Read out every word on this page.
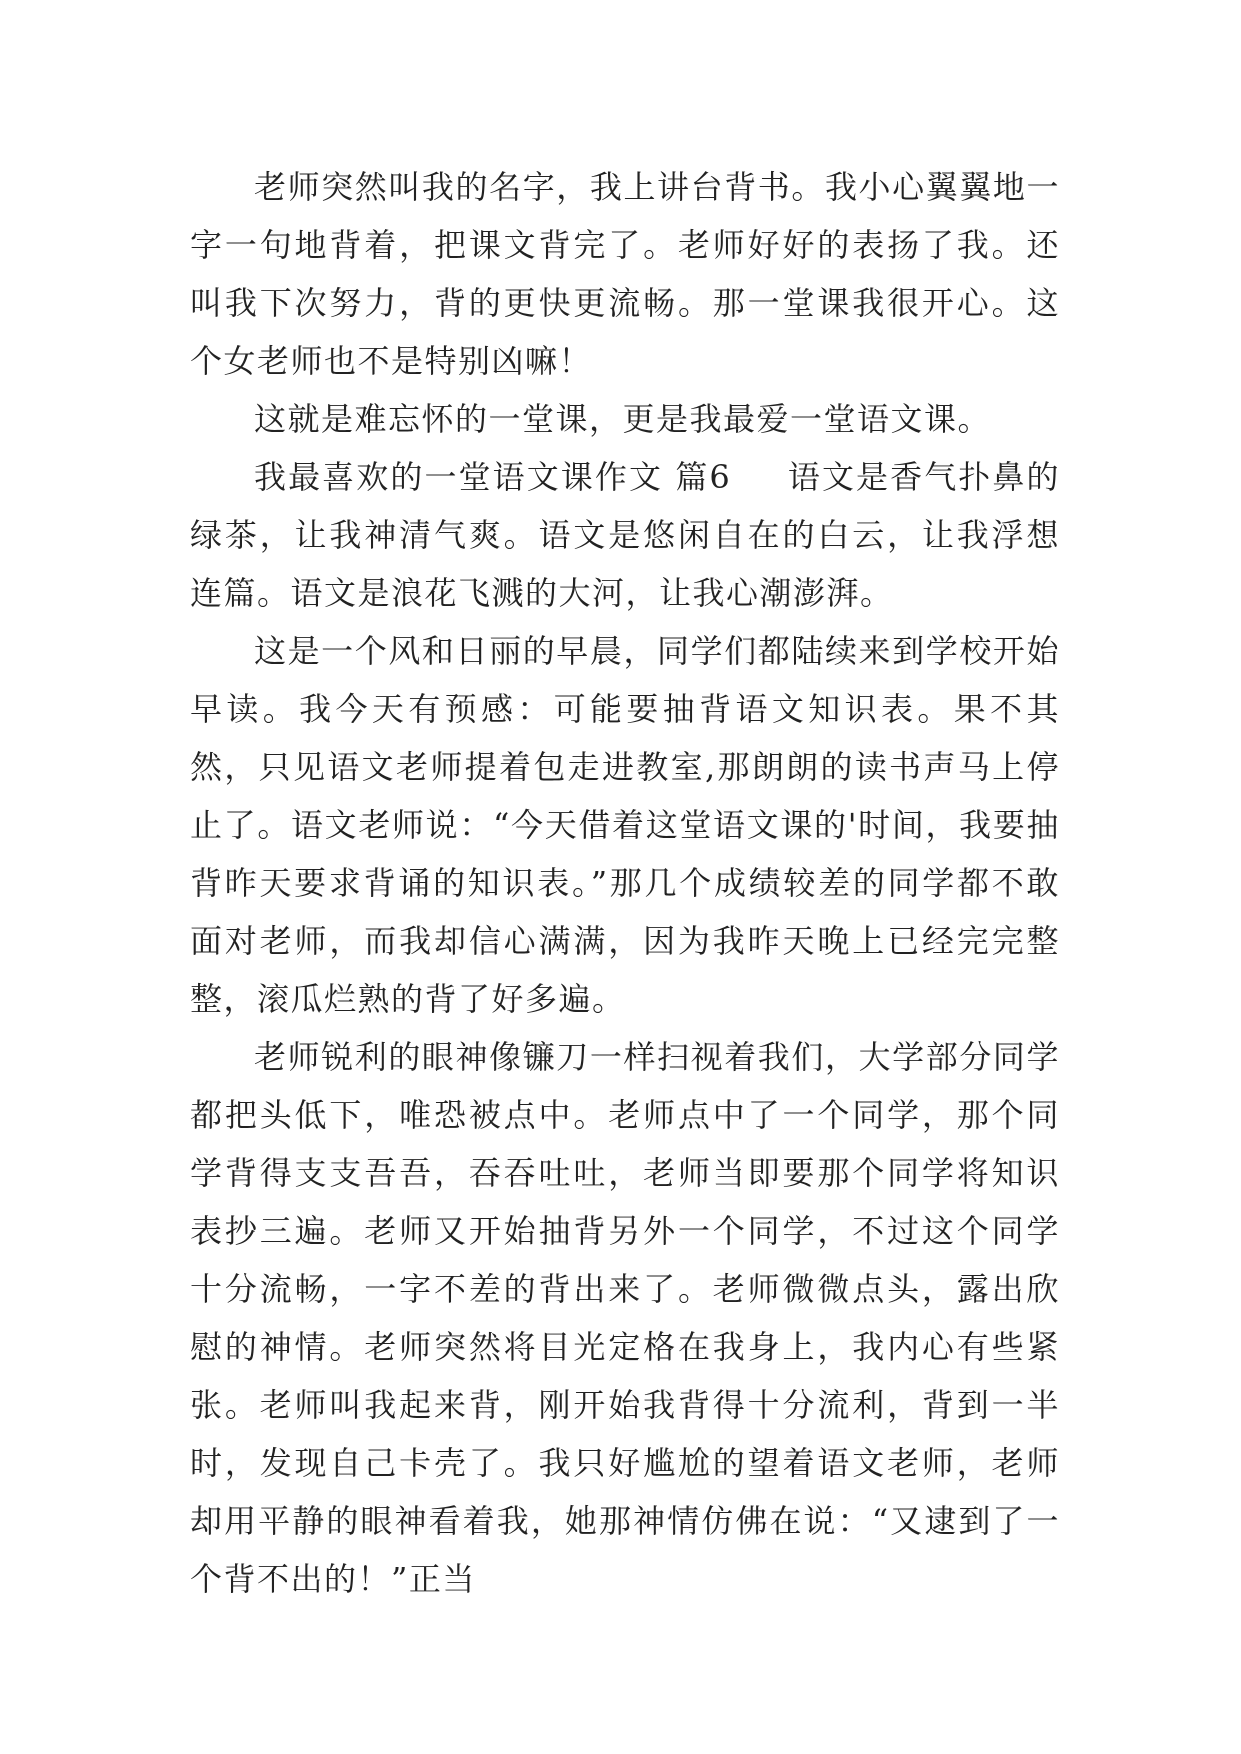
老师突然叫我的名字，我上讲台背书。我小心翼翼地一字一句地背着，把课文背完了。老师好好的表扬了我。还叫我下次努力，背的更快更流畅。那一堂课我很开心。这个女老师也不是特别凶嘛！

这就是难忘怀的一堂课，更是我最爱一堂语文课。

我最喜欢的一堂语文课作文 篇6 语文是香气扑鼻的绿茶，让我神清气爽。语文是悠闲自在的白云，让我浮想连篇。语文是浪花飞溅的大河，让我心潮澎湃。

这是一个风和日丽的早晨，同学们都陆续来到学校开始早读。我今天有预感：可能要抽背语文知识表。果不其然，只见语文老师提着包走进教室,那朗朗的读书声马上停止了。语文老师说：“今天借着这堂语文课的'时间，我要抽背昨天要求背诵的知识表。”那几个成绩较差的同学都不敢面对老师，而我却信心满满，因为我昨天晚上已经完完整整，滚瓜烂熟的背了好多遍。

老师锐利的眼神像镰刀一样扫视着我们，大学部分同学都把头低下，唯恐被点中。老师点中了一个同学，那个同学背得支支吾吾，吞吞吐吐，老师当即要那个同学将知识表抄三遍。老师又开始抽背另外一个同学，不过这个同学十分流畅，一字不差的背出来了。老师微微点头，露出欣慰的神情。老师突然将目光定格在我身上，我内心有些紧张。老师叫我起来背，刚开始我背得十分流利，背到一半时，发现自己卡壳了。我只好尴尬的望着语文老师，老师却用平静的眼神看着我，她那神情仿佛在说：“又逮到了一个背不出的！”正当
